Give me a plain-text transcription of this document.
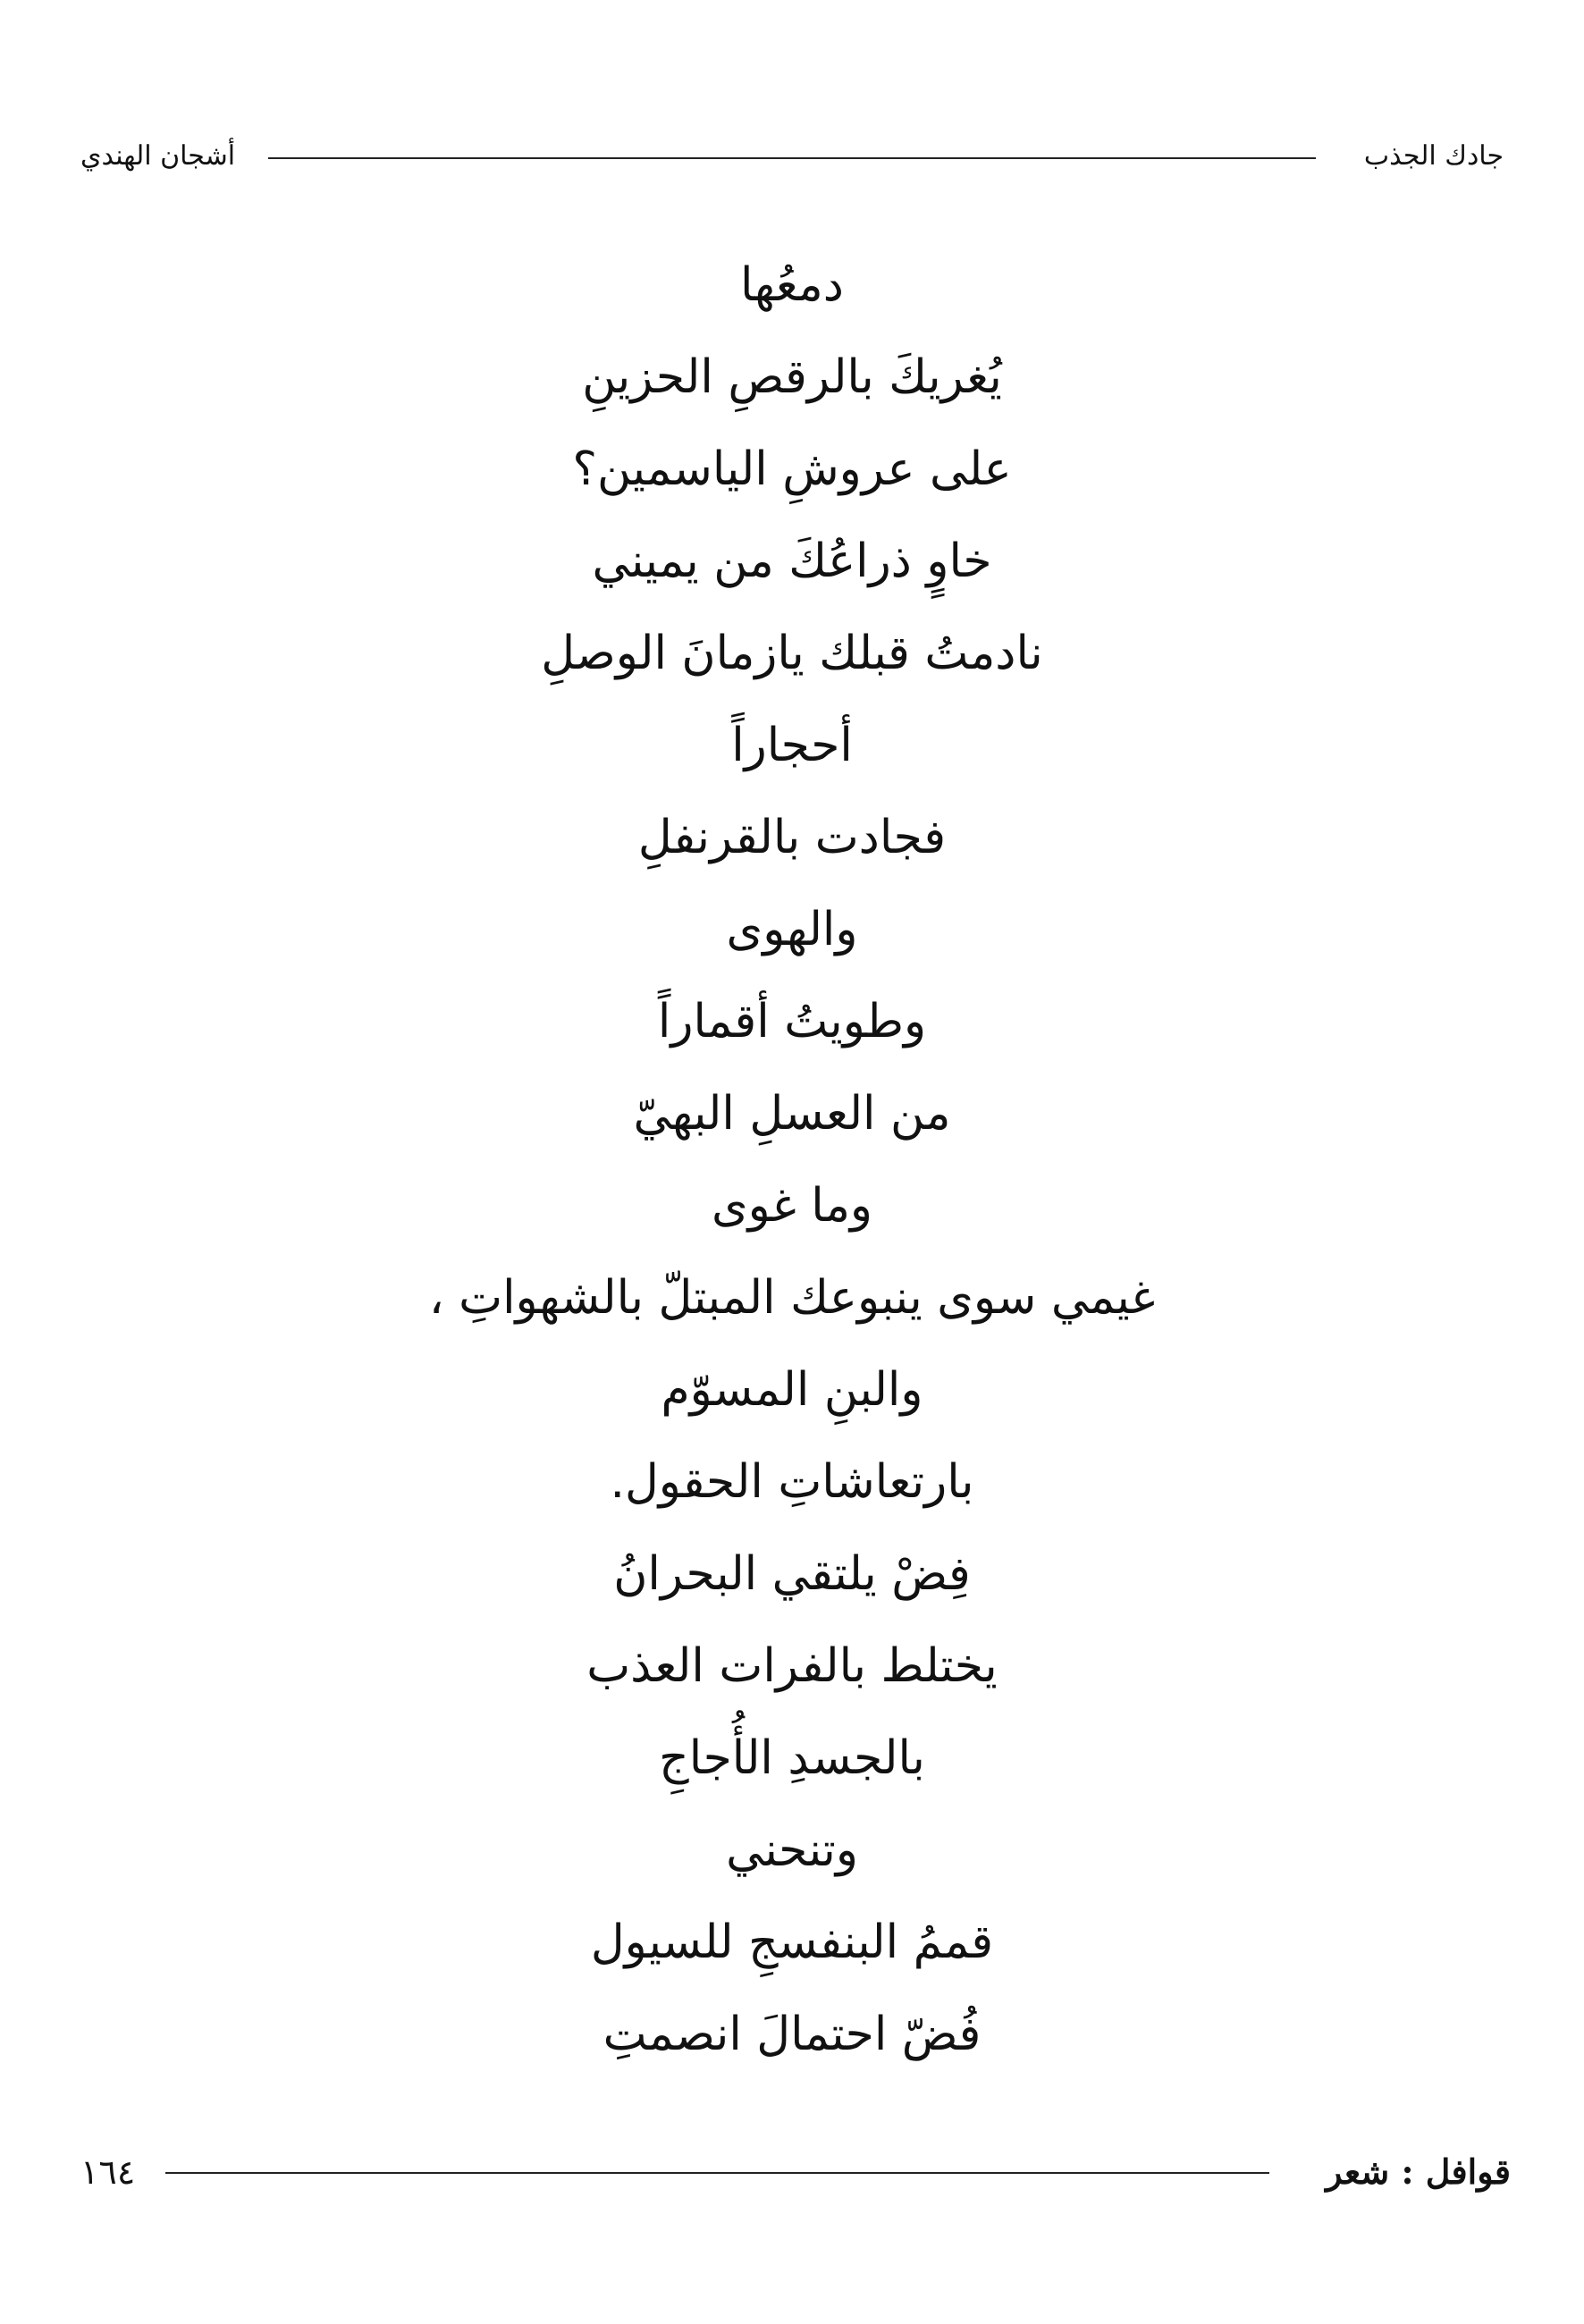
جادك الجذب
أشجان الهندي
دمعُها
يُغريكَ بالرقصِ الحزينِ
على عروشِ الياسمين؟
خاوٍ ذراعُكَ من يميني
نادمتُ قبلك يازمانَ الوصلِ
أحجاراً
فجادت بالقرنفلِ
والهوى
وطويتُ أقماراً
من العسلِ البهيّ
وما غوى
غيمي سوى ينبوعك المبتلّ بالشهواتِ ،
والبنِ المسوّم
بارتعاشاتِ الحقول.
فِضْ يلتقي البحرانُ
يختلط بالفرات العذب
بالجسدِ الأُجاجِ
وتنحني
قممُ البنفسجِ للسيول
فُضّ احتمالَ انصمتِ
قوافل : شعر
١٦٤
